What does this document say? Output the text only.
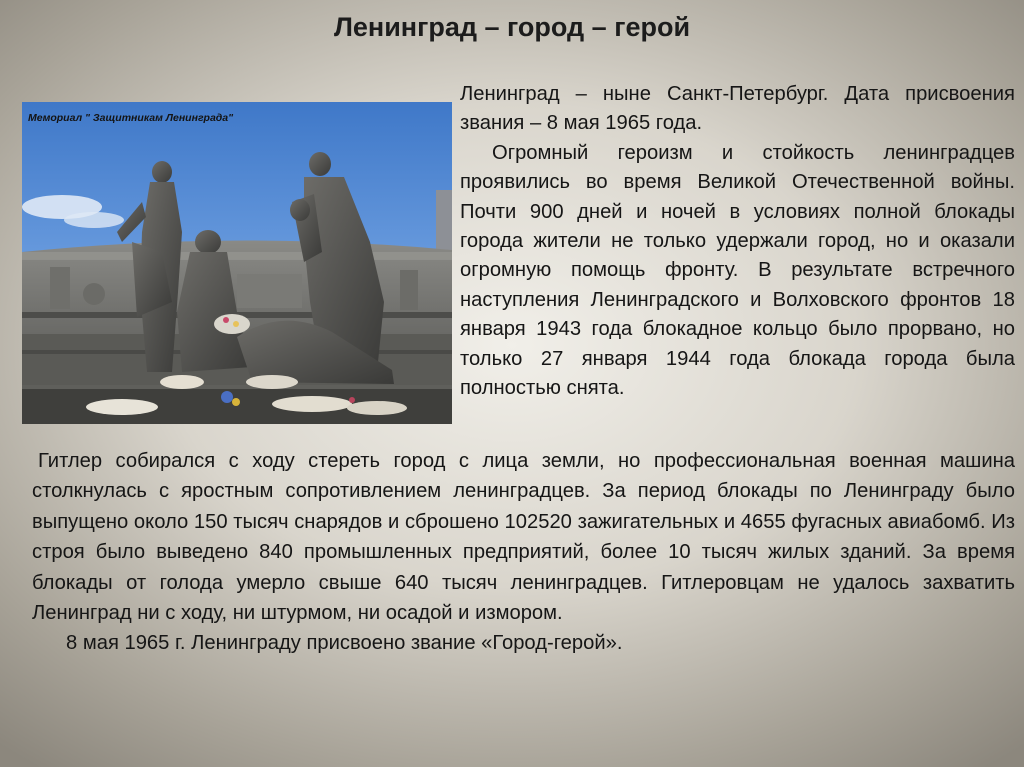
Ленинград – город – герой
Мемориал " Защитникам Ленинграда"

Ленинград – ныне Санкт-Петербург. Дата присвоения звания – 8 мая 1965 года.

Огромный героизм и стойкость ленинградцев проявились во время Великой Отечественной войны. Почти 900 дней и ночей в условиях полной блокады города жители не только удержали город, но и оказали огромную помощь фронту. В результате встречного наступления Ленинградского и Волховского фронтов 18 января 1943 года блокадное кольцо было прорвано, но только 27 января 1944 года блокада города была полностью снята.

Гитлер собирался с ходу стереть город с лица земли, но профессиональная военная машина столкнулась с яростным сопротивлением ленинградцев. За период блокады по Ленинграду было выпущено около 150 тысяч снарядов и сброшено 102520 зажигательных и 4655 фугасных авиабомб. Из строя было выведено 840 промышленных предприятий, более 10 тысяч жилых зданий. За время блокады от голода умерло свыше 640 тысяч ленинградцев. Гитлеровцам не удалось захватить Ленинград ни с ходу, ни штурмом, ни осадой и измором.

8 мая 1965 г. Ленинграду присвоено звание «Город-герой».
